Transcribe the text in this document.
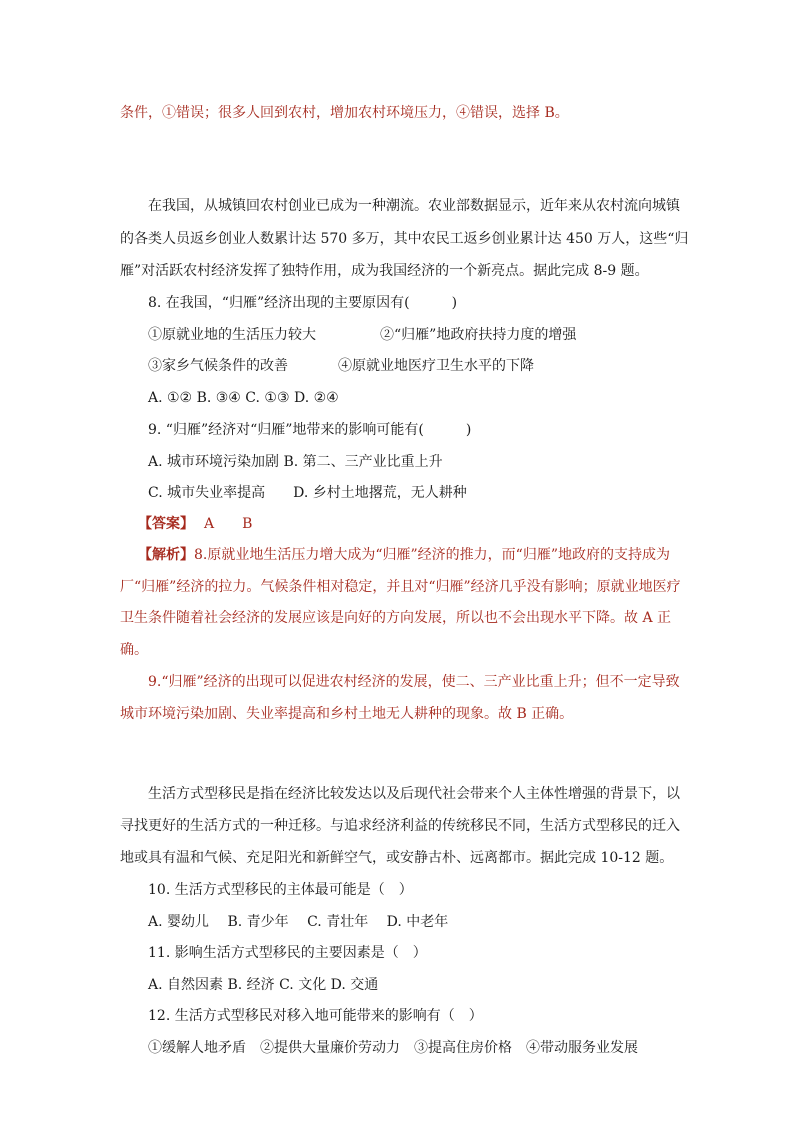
条件，①错误；很多人回到农村，增加农村环境压力，④错误，选择 B。
在我国，从城镇回农村创业已成为一种潮流。农业部数据显示，近年来从农村流向城镇
的各类人员返乡创业人数累计达 570 多万，其中农民工返乡创业累计达 450 万人，这些“归
雁”对活跃农村经济发挥了独特作用，成为我国经济的一个新亮点。据此完成 8-9 题。
8. 在我国，“归雁”经济出现的主要原因有(　　　)
①原就业地的生活压力较大	②“归雁”地政府扶持力度的增强
③家乡气候条件的改善	④原就业地医疗卫生水平的下降
A. ①② B. ③④ C. ①③ D. ②④
9. “归雁”经济对“归雁”地带来的影响可能有(　　　)
A. 城市环境污染加剧 B. 第二、三产业比重上升
C. 城市失业率提高　　D. 乡村土地撂荒，无人耕种
【答案】 A　　B
【解析】8.原就业地生活压力增大成为“归雁”经济的推力，而“归雁”地政府的支持成为
厂“归雁”经济的拉力。气候条件相对稳定，并且对“归雁”经济几乎没有影响；原就业地医疗
卫生条件随着社会经济的发展应该是向好的方向发展，所以也不会出现水平下降。故 A 正
确。
9.“归雁”经济的出现可以促进农村经济的发展，使二、三产业比重上升；但不一定导致
城市环境污染加剧、失业率提高和乡村土地无人耕种的现象。故 B 正确。
生活方式型移民是指在经济比较发达以及后现代社会带来个人主体性增强的背景下，以
寻找更好的生活方式的一种迁移。与追求经济利益的传统移民不同，生活方式型移民的迁入
地或具有温和气候、充足阳光和新鲜空气，或安静古朴、远离都市。据此完成 10-12 题。
10. 生活方式型移民的主体最可能是（　）
A. 婴幼儿　 B. 青少年　 C. 青壮年　 D. 中老年
11. 影响生活方式型移民的主要因素是（　）
A. 自然因素 B. 经济 C. 文化 D. 交通
12. 生活方式型移民对移入地可能带来的影响有（　）
①缓解人地矛盾　②提供大量廉价劳动力　③提高住房价格　④带动服务业发展
